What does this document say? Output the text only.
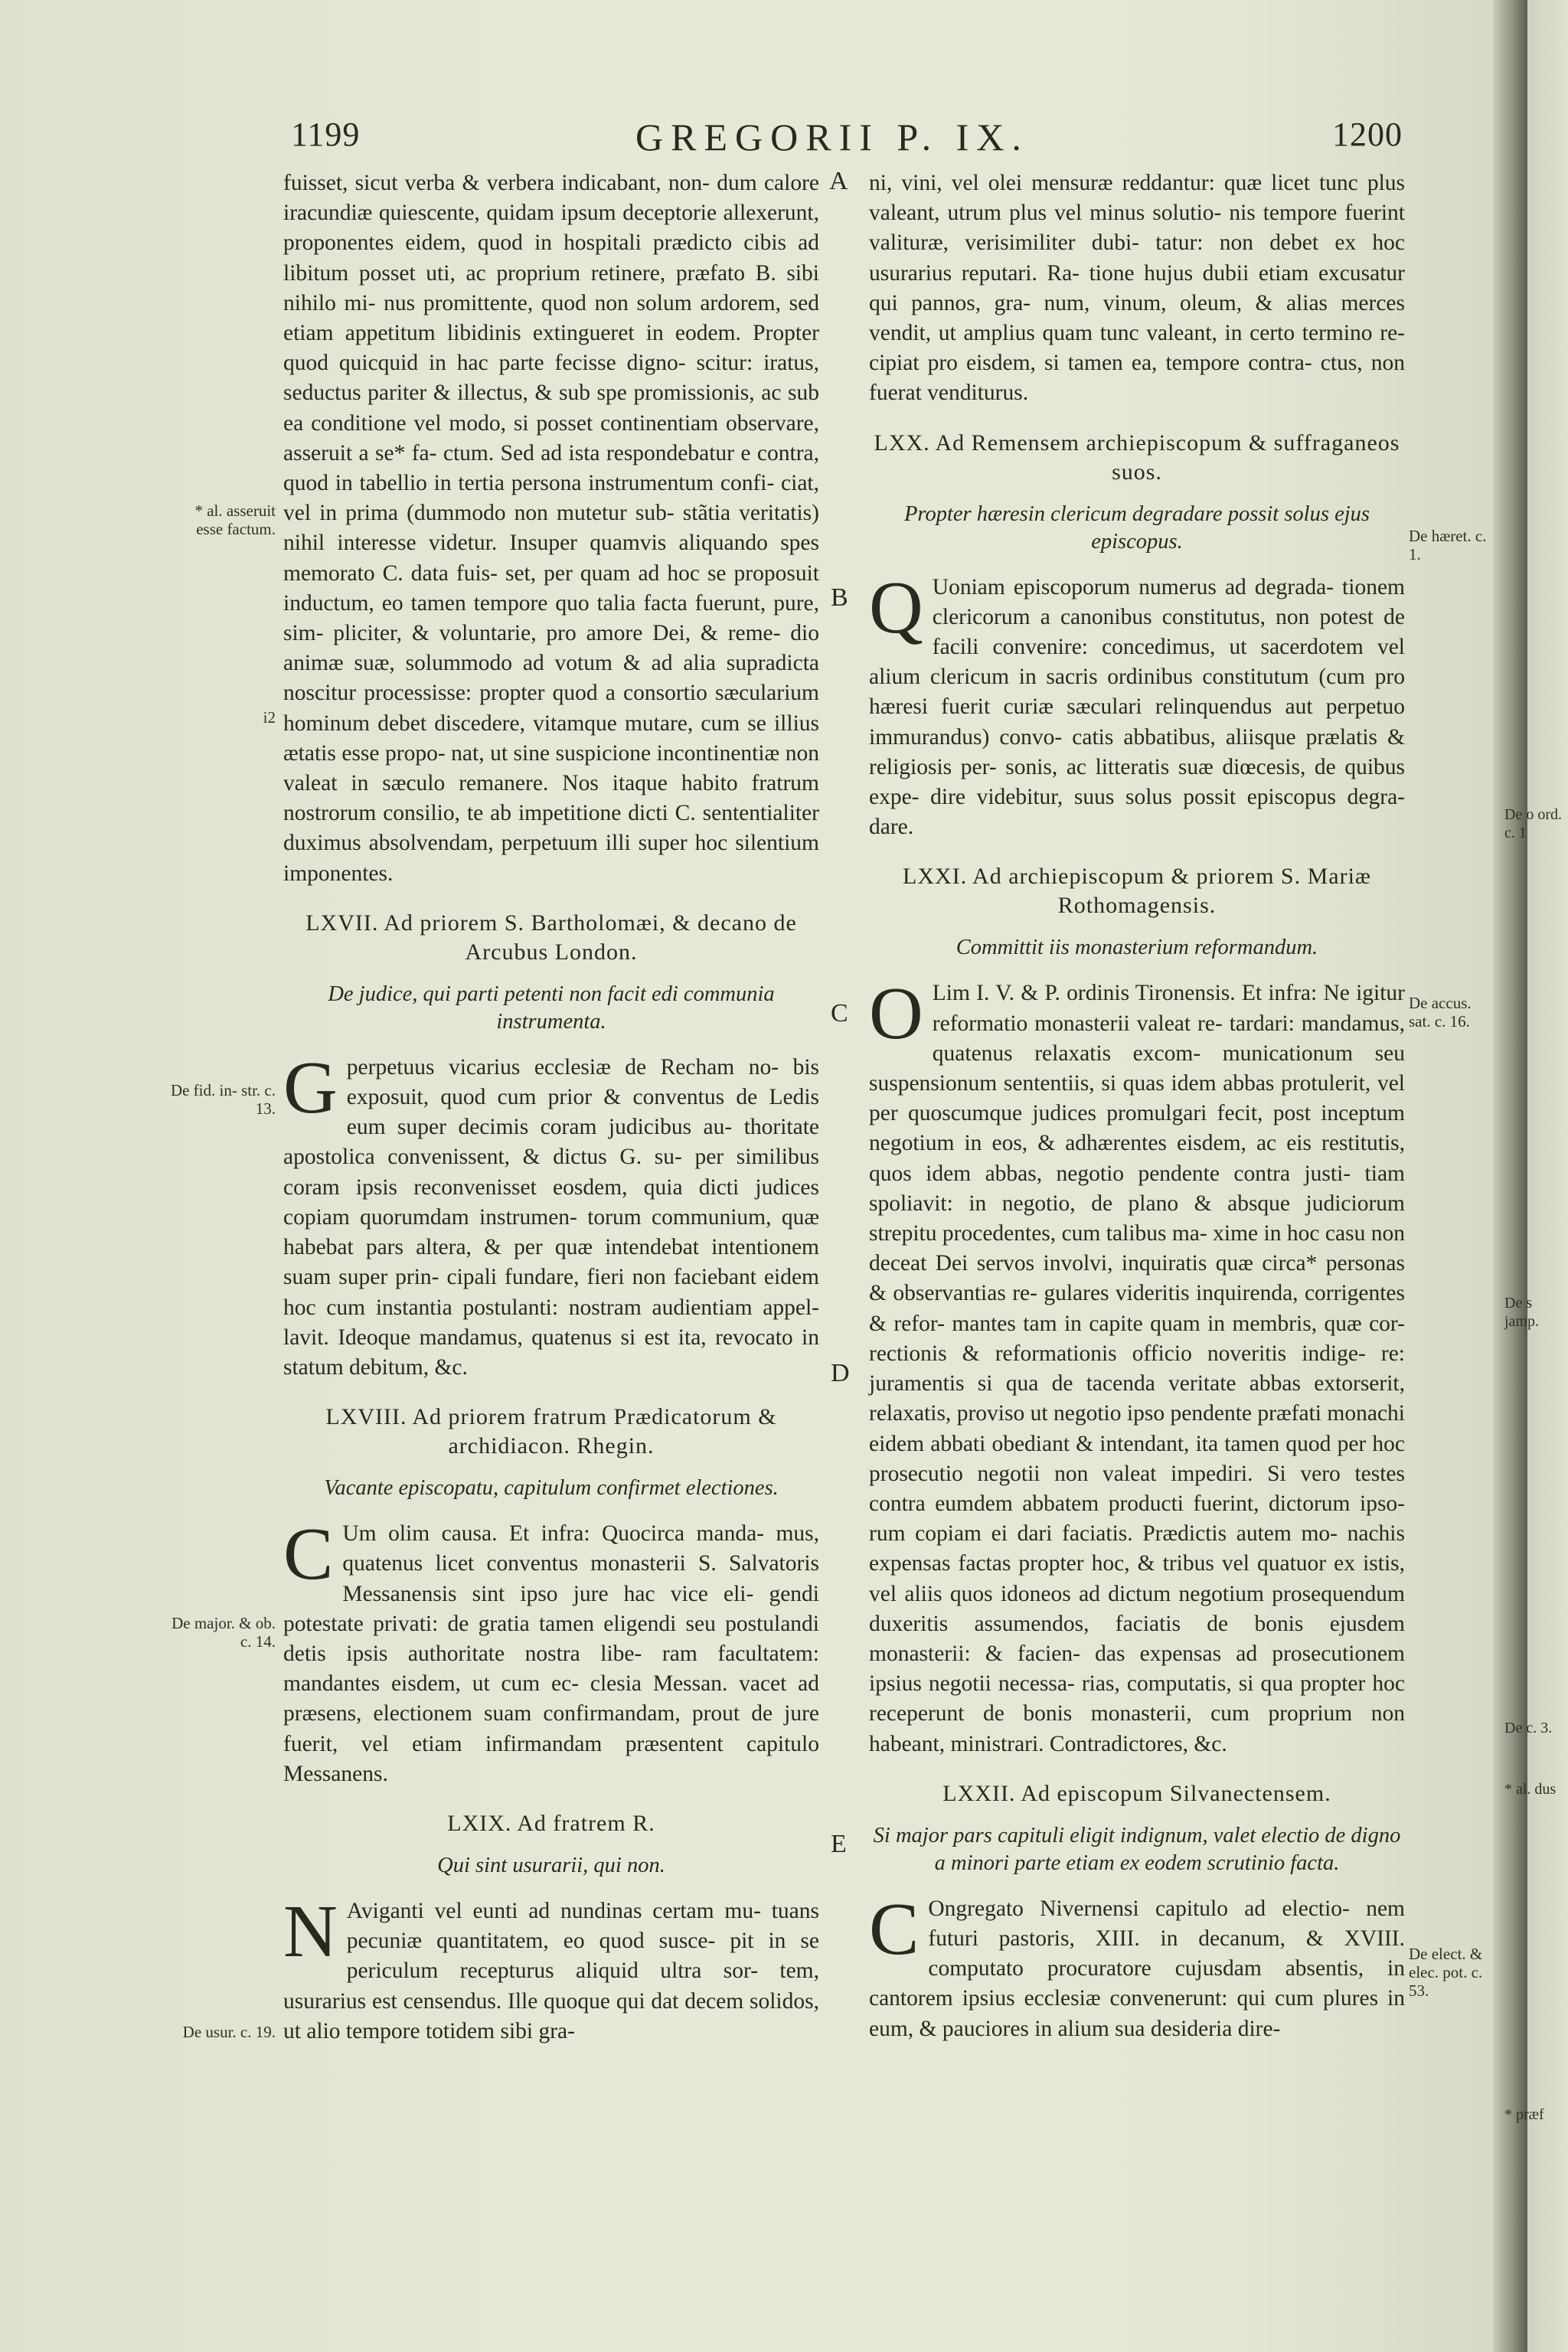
1199	GREGORII P. IX.	1200

fuisset, sicut verba & verbera indicabant, non- dum calore iracundiæ quiescente, quidam ipsum deceptorie allexerunt, proponentes eidem, quod in hospitali prædicto cibis ad libitum posset uti, ac proprium retinere, præfato B. sibi nihilo mi- nus promittente, quod non solum ardorem, sed etiam appetitum libidinis extingueret in eodem. Propter quod quicquid in hac parte fecisse digno- scitur: iratus, seductus pariter & illectus, & sub spe promissionis, ac sub ea conditione vel modo, si posset continentiam observare, asseruit a se* fa- ctum. Sed ad ista respondebatur e contra, quod in tabellio in tertia persona instrumentum confi- ciat, vel in prima (dummodo non mutetur sub- stãtia veritatis) nihil interesse videtur. Insuper quamvis aliquando spes memorato C. data fuis- set, per quam ad hoc se proposuit inductum, eo tamen tempore quo talia facta fuerunt, pure, sim- pliciter, & voluntarie, pro amore Dei, & reme- dio animæ suæ, solummodo ad votum & ad alia supradicta noscitur processisse: propter quod a consortio sæcularium hominum debet discedere, vitamque mutare, cum se illius ætatis esse propo- nat, ut sine suspicione incontinentiæ non valeat in sæculo remanere. Nos itaque habito fratrum nostrorum consilio, te ab impetitione dicti C. sententialiter duximus absolvendam, perpetuum illi super hoc silentium imponentes.

LXVII. Ad priorem S. Bartholomæi, & decano de Arcubus London.
De judice, qui parti petenti non facit edi communia instrumenta.

Gperpetuus vicarius ecclesiæ de Recham no- bis exposuit, quod cum prior & conventus de Ledis eum super decimis coram judicibus au- thoritate apostolica convenissent, & dictus G. su- per similibus coram ipsis reconvenisset eosdem, quia dicti judices copiam quorumdam instrumen- torum communium, quæ habebat pars altera, & per quæ intendebat intentionem suam super prin- cipali fundare, fieri non faciebant eidem hoc cum instantia postulanti: nostram audientiam appel- lavit. Ideoque mandamus, quatenus si est ita, revocato in statum debitum, &c.

LXVIII. Ad priorem fratrum Prædicatorum & archidiacon. Rhegin.
Vacante episcopatu, capitulum confirmet electiones.

C Um olim causa. Et infra: Quocirca manda- mus, quatenus licet conventus monasterii S. Salvatoris Messanensis sint ipso jure hac vice eli- gendi potestate privati: de gratia tamen eligendi seu postulandi detis ipsis authoritate nostra libe- ram facultatem: mandantes eisdem, ut cum ec- clesia Messan. vacet ad præsens, electionem suam confirmandam, prout de jure fuerit, vel etiam infirmandam præsentent capitulo Messanens.

LXIX. Ad fratrem R.
Qui sint usurarii, qui non.

N Aviganti vel eunti ad nundinas certam mu- tuans pecuniæ quantitatem, eo quod susce- pit in se periculum recepturus aliquid ultra sor- tem, usurarius est censendus. Ille quoque qui dat decem solidos, ut alio tempore totidem sibi gra-

ni, vini, vel olei mensuræ reddantur: quæ licet tunc plus valeant, utrum plus vel minus solutio- nis tempore fuerint valituræ, verisimiliter dubi- tatur: non debet ex hoc usurarius reputari. Ra- tione hujus dubii etiam excusatur qui pannos, gra- num, vinum, oleum, & alias merces vendit, ut amplius quam tunc valeant, in certo termino re- cipiat pro eisdem, si tamen ea, tempore contra- ctus, non fuerat venditurus.

LXX. Ad Remensem archiepiscopum & suffraganeos suos.
Propter hæresin clericum degradare possit solus ejus episcopus.

Q Uoniam episcoporum numerus ad degrada- tionem clericorum a canonibus constitutus, non potest de facili convenire: concedimus, ut sacerdotem vel alium clericum in sacris ordinibus constitutum (cum pro hæresi fuerit curiæ sæculari relinquendus aut perpetuo immurandus) convo- catis abbatibus, aliisque prælatis & religiosis per- sonis, ac litteratis suæ diœcesis, de quibus expe- dire videbitur, suus solus possit episcopus degra- dare.

LXXI. Ad archiepiscopum & priorem S. Mariæ Rothomagensis.
Committit iis monasterium reformandum.

O Lim I. V. & P. ordinis Tironensis. Et infra: Ne igitur reformatio monasterii valeat re- tardari: mandamus, quatenus relaxatis excom- municationum seu suspensionum sententiis, si quas idem abbas protulerit, vel per quoscumque judices promulgari fecit, post inceptum negotium in eos, & adhærentes eisdem, ac eis restitutis, quos idem abbas, negotio pendente contra justi- tiam spoliavit: in negotio, de plano & absque judiciorum strepitu procedentes, cum talibus ma- xime in hoc casu non deceat Dei servos involvi, inquiratis quæ circa* personas & observantias re- gulares videritis inquirenda, corrigentes & refor- mantes tam in capite quam in membris, quæ cor- rectionis & reformationis officio noveritis indige- re: juramentis si qua de tacenda veritate abbas extorserit, relaxatis, proviso ut negotio ipso pendente præfati monachi eidem abbati obediant & intendant, ita tamen quod per hoc prosecutio negotii non valeat impediri. Si vero testes contra eumdem abbatem producti fuerint, dictorum ipso- rum copiam ei dari faciatis. Prædictis autem mo- nachis expensas factas propter hoc, & tribus vel quatuor ex istis, vel aliis quos idoneos ad dictum negotium prosequendum duxeritis assumendos, faciatis de bonis ejusdem monasterii: & facien- das expensas ad prosecutionem ipsius negotii necessa- rias, computatis, si qua propter hoc receperunt de bonis monasterii, cum proprium non habeant, ministrari. Contradictores, &c.

LXXII. Ad episcopum Silvanectensem.
Si major pars capituli eligit indignum, valet electio de digno a minori parte etiam ex eodem scrutinio facta.

C Ongregato Nivernensi capitulo ad electio- nem futuri pastoris, XIII. in decanum, & XVIII. computato procuratore cujusdam absentis, in cantorem ipsius ecclesiæ convenerunt: qui cum plures in eum, & pauciores in alium sua desideria dire-

A
B
C
D
E
* al. asseruit esse factum.
i2
De fid. in- str. c. 13.
De major. & ob. c. 14.
De usur. c. 19.
De hæret. c. 1.
De accus. sat. c. 16.
De elect. & elec. pot. c. 53.
De o ord. c. 1
De s jamp.
De c. 3.
* al. dus
* præf
